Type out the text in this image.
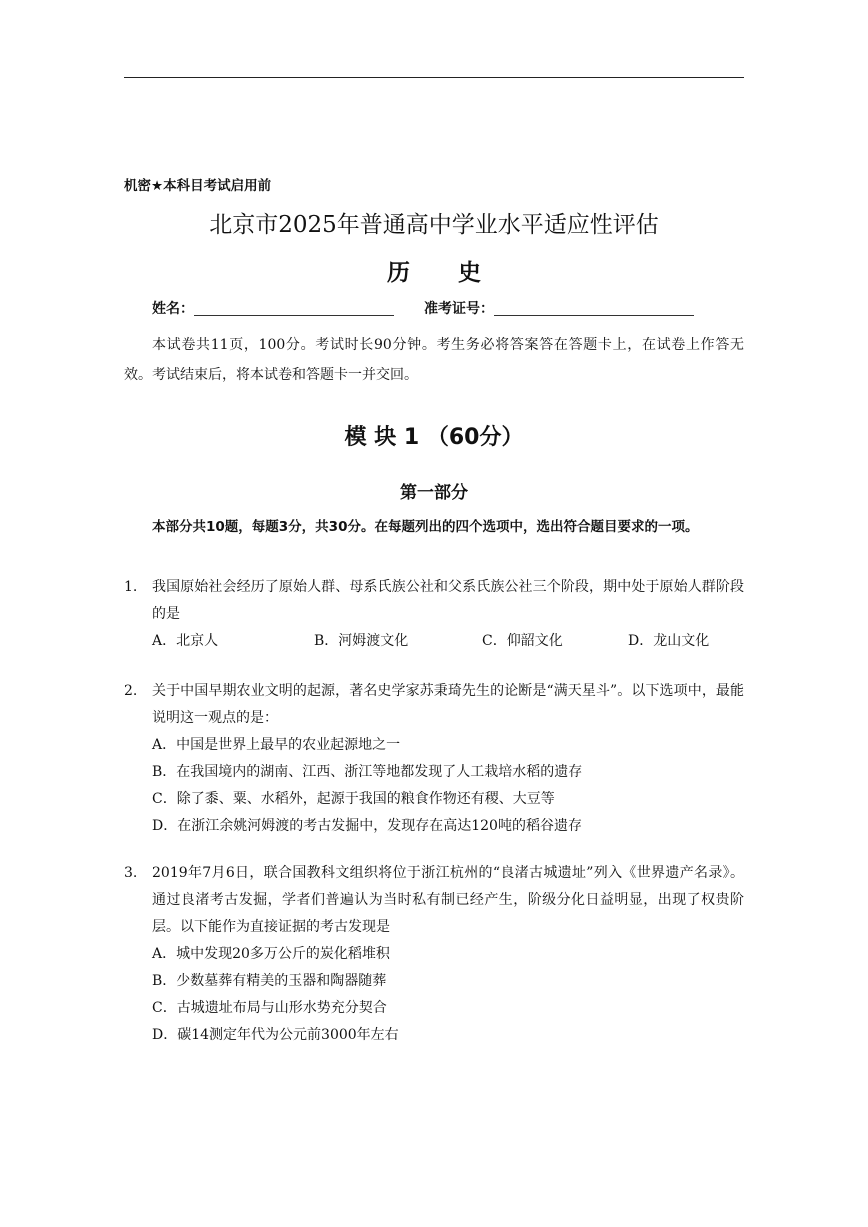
机密★本科目考试启用前
北京市2025年普通高中学业水平适应性评估
历 史
姓名：	准考证号：
本试卷共11页，100分。考试时长90分钟。考生务必将答案答在答题卡上，在试卷上作答无效。考试结束后，将本试卷和答题卡一并交回。
模 块 1 （60分）
第一部分
本部分共10题，每题3分，共30分。在每题列出的四个选项中，选出符合题目要求的一项。
1. 我国原始社会经历了原始人群、母系氏族公社和父系氏族公社三个阶段，期中处于原始人群阶段的是
A．北京人	B．河姆渡文化	C．仰韶文化	D．龙山文化
2. 关于中国早期农业文明的起源，著名史学家苏秉琦先生的论断是“满天星斗”。以下选项中，最能说明这一观点的是：
A．中国是世界上最早的农业起源地之一
B．在我国境内的湖南、江西、浙江等地都发现了人工栽培水稻的遗存
C．除了黍、粟、水稻外，起源于我国的粮食作物还有稷、大豆等
D．在浙江余姚河姆渡的考古发掘中，发现存在高达120吨的稻谷遗存
3. 2019年7月6日，联合国教科文组织将位于浙江杭州的“良渚古城遗址”列入《世界遗产名录》。通过良渚考古发掘，学者们普遍认为当时私有制已经产生，阶级分化日益明显，出现了权贵阶层。以下能作为直接证据的考古发现是
A．城中发现20多万公斤的炭化稻堆积
B．少数墓葬有精美的玉器和陶器随葬
C．古城遗址布局与山形水势充分契合
D．碳14测定年代为公元前3000年左右
